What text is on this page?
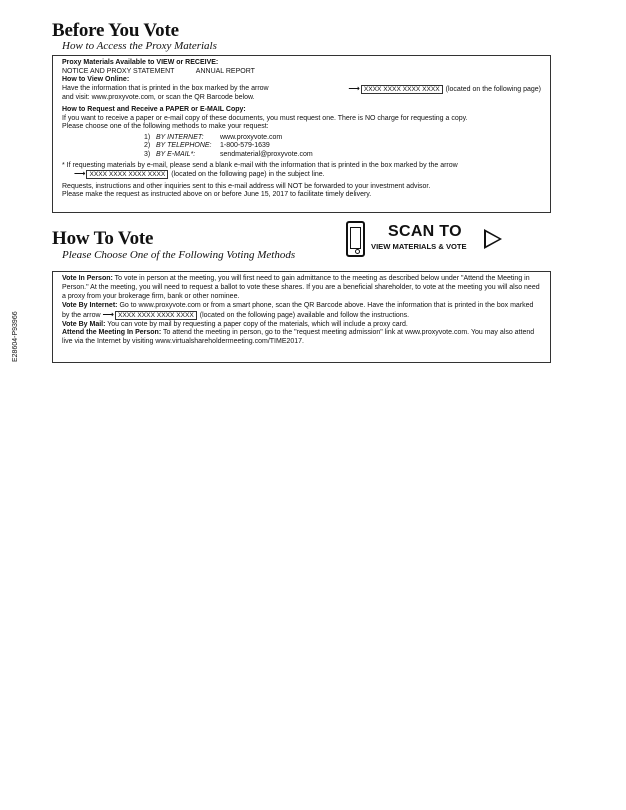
Before You Vote
How to Access the Proxy Materials
Proxy Materials Available to VIEW or RECEIVE:
NOTICE AND PROXY STATEMENT	ANNUAL REPORT
How to View Online:
Have the information that is printed in the box marked by the arrow	⟶ XXXX XXXX XXXX XXXX (located on the following page)
and visit: www.proxyvote.com, or scan the QR Barcode below.
How to Request and Receive a PAPER or E-MAIL Copy:
If you want to receive a paper or e-mail copy of these documents, you must request one. There is NO charge for requesting a copy.
Please choose one of the following methods to make your request:
1) BY INTERNET:	www.proxyvote.com
2) BY TELEPHONE:	1-800-579-1639
3) BY E-MAIL*:	sendmaterial@proxyvote.com
* If requesting materials by e-mail, please send a blank e-mail with the information that is printed in the box marked by the arrow
⟶ XXXX XXXX XXXX XXXX (located on the following page) in the subject line.
Requests, instructions and other inquiries sent to this e-mail address will NOT be forwarded to your investment advisor.
Please make the request as instructed above on or before June 15, 2017 to facilitate timely delivery.
How To Vote
Please Choose One of the Following Voting Methods
SCAN TO
VIEW MATERIALS & VOTE

Vote In Person: To vote in person at the meeting, you will first need to gain admittance to the meeting as described below under "Attend the Meeting in Person." At the meeting, you will need to request a ballot to vote these shares. If you are a beneficial shareholder, to vote at the meeting you will also need a proxy from your brokerage firm, bank or other nominee.

Vote By Internet: Go to www.proxyvote.com or from a smart phone, scan the QR Barcode above. Have the information that is printed in the box marked by the arrow ⟶ XXXX XXXX XXXX XXXX (located on the following page) available and follow the instructions.

Vote By Mail: You can vote by mail by requesting a paper copy of the materials, which will include a proxy card.

Attend the Meeting In Person: To attend the meeting in person, go to the "request meeting admission" link at www.proxyvote.com. You may also attend live via the Internet by visiting www.virtualshareholdermeeting.com/TIME2017.

E28604-P93966
